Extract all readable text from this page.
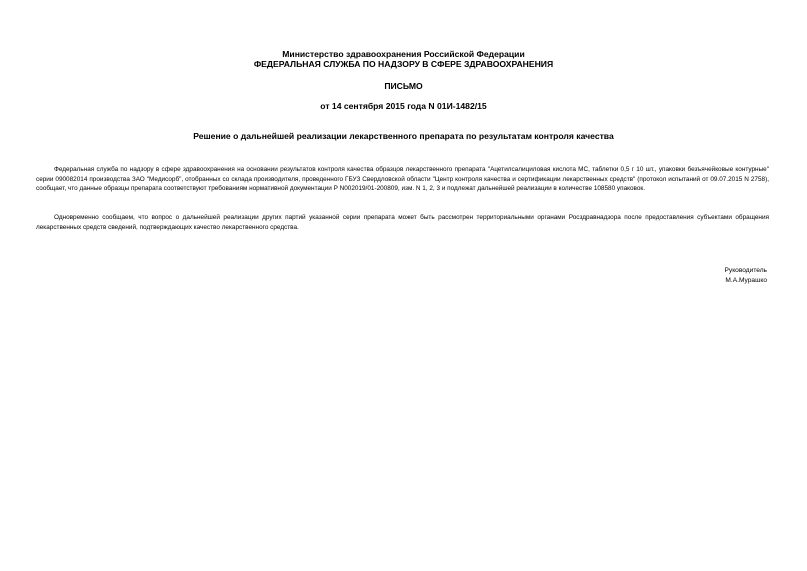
Министерство здравоохранения Российской Федерации
ФЕДЕРАЛЬНАЯ СЛУЖБА ПО НАДЗОРУ В СФЕРЕ ЗДРАВООХРАНЕНИЯ
ПИСЬМО
от 14 сентября 2015 года N 01И-1482/15
Решение о дальнейшей реализации лекарственного препарата по результатам контроля качества

Федеральная служба по надзору в сфере здравоохранения на основании результатов контроля качества образцов лекарственного препарата "Ацетилсалициловая кислота МС, таблетки 0,5 г 10 шт., упаковки безъячейковые контурные" серии 090082014 производства ЗАО "Медисорб", отобранных со склада производителя, проведенного ГБУЗ Свердловской области "Центр контроля качества и сертификации лекарственных средств" (протокол испытаний от 09.07.2015 N 2758), сообщает, что данные образцы препарата соответствуют требованиям нормативной документации Р N002019/01-200809, изм. N 1, 2, 3 и подлежат дальнейшей реализации в количестве 108580 упаковок.

Одновременно сообщаем, что вопрос о дальнейшей реализации других партий указанной серии препарата может быть рассмотрен территориальными органами Росздравнадзора после предоставления субъектами обращения лекарственных средств сведений, подтверждающих качество лекарственного средства.

Руководитель
М.А.Мурашко
